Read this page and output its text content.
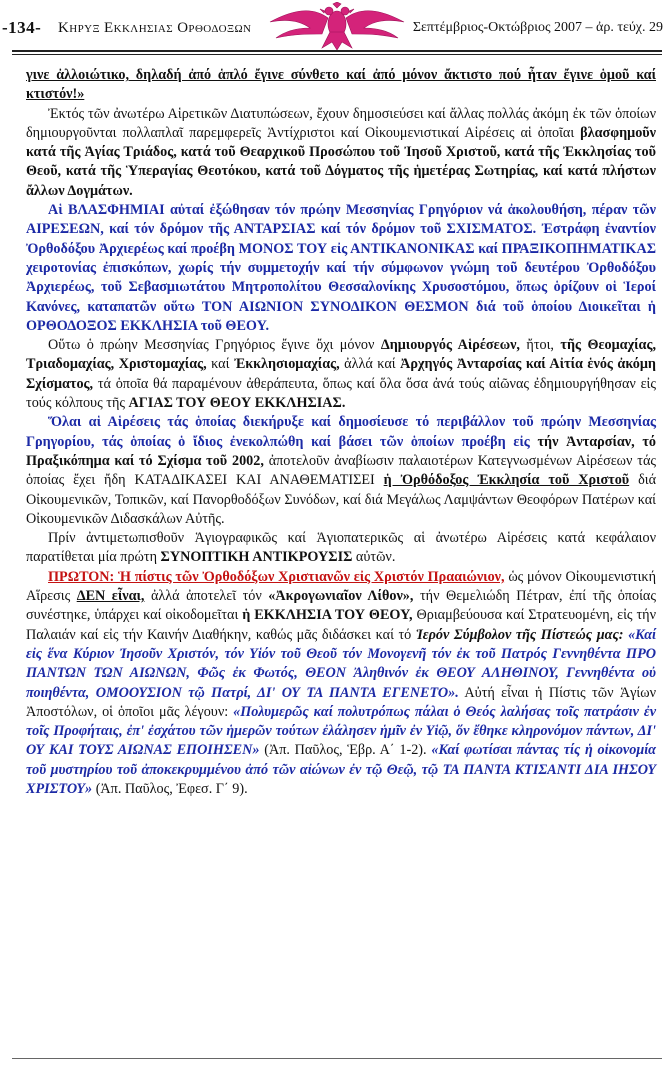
-134- Κηρυξ Εκκλησιας Ορθοδοξων	Σεπτέμβριος-Οκτώβριος 2007 – ἀρ. τεύχ. 29

γινε ἀλλοιώτικο, δηλαδή ἀπό ἁπλό ἔγινε σύνθετο καί ἀπό μόνον ἄκτιστο πού ἦταν ἔγινε ὁμοῦ καί κτιστόν!»

Ἐκτός τῶν ἀνωτέρω Αἱρετικῶν Διατυπώσεων, ἔχουν δημοσιεύσει καί ἄλλας πολλάς ἀκόμη ἐκ τῶν ὁποίων δημιουργοῦνται πολλαπλαῖ παρεμφερεῖς Ἀντίχριστοι καί Οἰκουμενιστικαί Αἱρέσεις αἱ ὁποῖαι βλασφημοῦν κατά τῆς Ἁγίας Τριάδος, κατά τοῦ Θεαρχικοῦ Προσώπου τοῦ Ἰησοῦ Χριστοῦ, κατά τῆς Ἐκκλησίας τοῦ Θεοῦ, κατά τῆς Ὑπεραγίας Θεοτόκου, κατά τοῦ Δόγματος τῆς ἡμετέρας Σωτηρίας, καί κατά πλήστων ἄλλων Δογμάτων.

Αἱ ΒΛΑΣΦΗΜΙΑΙ αὐταί ἐξώθησαν τόν πρώην Μεσσηνίας Γρηγόριον νά ἀκολουθήση, πέραν τῶν ΑΙΡΕΣΕΩΝ, καί τόν δρόμον τῆς ΑΝΤΑΡΣΙΑΣ καί τόν δρόμον τοῦ ΣΧΙΣΜΑΤΟΣ. Ἐστράφη ἐναντίον Ὀρθοδόξου Ἀρχιερέως καί προέβη ΜΟΝΟΣ ΤΟΥ εἰς ΑΝΤΙΚΑΝΟΝΙΚΑΣ καί ΠΡΑΞΙΚΟΠΗΜΑΤΙΚΑΣ χειροτονίας ἐπισκόπων, χωρίς τήν συμμετοχήν καί τήν σύμφωνον γνώμη τοῦ δευτέρου Ὀρθοδόξου Ἀρχιερέως, τοῦ Σεβασμιωτάτου Μητροπολίτου Θεσσαλονίκης Χρυσοστόμου, ὅπως ὁρίζουν οἱ Ἱεροί Κανόνες, καταπατῶν οὕτω ΤΟΝ ΑΙΩΝΙΟΝ ΣΥΝΟΔΙΚΟΝ ΘΕΣΜΟΝ διά τοῦ ὁποίου Διοικεῖται ἡ ΟΡΘΟΔΟΞΟΣ ΕΚΚΛΗΣΙΑ τοῦ ΘΕΟΥ.

Οὕτω ὁ πρώην Μεσσηνίας Γρηγόριος ἔγινε ὄχι μόνον Δημιουργός Αἱρέσεων, ἤτοι, τῆς Θεομαχίας, Τριαδομαχίας, Χριστομαχίας, καί Ἐκκλησιομαχίας, ἀλλά καί Ἀρχηγός Ἀνταρσίας καί Αἰτία ἑνός ἀκόμη Σχίσματος, τά ὁποῖα θά παραμένουν ἀθεράπευτα, ὅπως καί ὅλα ὅσα ἀνά τούς αἰῶνας ἐδημιουργήθησαν εἰς τούς κόλπους τῆς ΑΓΙΑΣ ΤΟΥ ΘΕΟΥ ΕΚΚΛΗΣΙΑΣ.

Ὅλαι αἱ Αἱρέσεις τάς ὁποίας διεκήρυξε καί δημοσίευσε τό περιβάλλον τοῦ πρώην Μεσσηνίας Γρηγορίου, τάς ὁποίας ὁ ἴδιος ἐνεκολπώθη καί βάσει τῶν ὁποίων προέβη εἰς τήν Ἀνταρσίαν, τό Πραξικόπημα καί τό Σχίσμα τοῦ 2002, ἀποτελοῦν ἀναβίωσιν παλαιοτέρων Κατεγνωσμένων Αἱρέσεων τάς ὁποίας ἔχει ἤδη ΚΑΤΑΔΙΚΑΣΕΙ ΚΑΙ ΑΝΑΘΕΜΑΤΙΣΕΙ ἡ Ὀρθόδοξος Ἐκκλησία τοῦ Χριστοῦ διά Οἰκουμενικῶν, Τοπικῶν, καί Πανορθοδόξων Συνόδων, καί διά Μεγάλως Λαμψάντων Θεοφόρων Πατέρων καί Οἰκουμενικῶν Διδασκάλων Αὐτῆς.

Πρίν ἀντιμετωπισθοῦν Ἁγιογραφικῶς καί Ἁγιοπατερικῶς αἱ ἀνωτέρω Αἱρέσεις κατά κεφάλαιον παρατίθεται μία πρώτη ΣΥΝΟΠΤΙΚΗ ΑΝΤΙΚΡΟΥΣΙΣ αὐτῶν.

ΠΡΩΤΟΝ: Ἡ πίστις τῶν Ὀρθοδόξων Χριστιανῶν εἰς Χριστόν Πρααιώνιον, ὡς μόνον Οἰκουμενιστική Αἵρεσις ΔΕΝ εἶναι, ἀλλά ἀποτελεῖ τόν «Ἀκρογωνιαῖον Λίθον», τήν Θεμελιώδη Πέτραν, ἐπί τῆς ὁποίας συνέστηκε, ὑπάρχει καί οἰκοδομεῖται ἡ ΕΚΚΛΗΣΙΑ ΤΟΥ ΘΕΟΥ, Θριαμβεύουσα καί Στρατευομένη, εἰς τήν Παλαιάν καί εἰς τήν Καινήν Διαθήκην, καθώς μᾶς διδάσκει καί τό Ἱερόν Σύμβολον τῆς Πίστεώς μας: «Καί εἰς ἕνα Κύριον Ἰησοῦν Χριστόν, τόν Υἱόν τοῦ Θεοῦ τόν Μονογενῆ τόν ἐκ τοῦ Πατρός Γεννηθέντα ΠΡΟ ΠΑΝΤΩΝ ΤΩΝ ΑΙΩΝΩΝ, Φῶς ἐκ Φωτός, ΘΕΟΝ Ἀληθινόν ἐκ ΘΕΟΥ ΑΛΗΘΙΝΟΥ, Γεννηθέντα οὐ ποιηθέντα, ΟΜΟΟΥΣΙΟΝ τῷ Πατρί, ΔΙ' ΟΥ ΤΑ ΠΑΝΤΑ ΕΓΕΝΕΤΟ». Αὐτή εἶναι ἡ Πίστις τῶν Ἁγίων Ἀποστόλων, οἱ ὁποῖοι μᾶς λέγουν: «Πολυμερῶς καί πολυτρόπως πάλαι ὁ Θεός λαλήσας τοῖς πατράσιν ἐν τοῖς Προφήταις, ἐπ' ἐσχάτου τῶν ἡμερῶν τούτων ἐλάλησεν ἡμῖν ἐν Υἱῷ, ὅν ἔθηκε κληρονόμον πάντων, ΔΙ' ΟΥ ΚΑΙ ΤΟΥΣ ΑΙΩΝΑΣ ΕΠΟΙΗΣΕΝ» (Ἀπ. Παῦλος, Ἑβρ. Α΄ 1-2). «Καί φωτίσαι πάντας τίς ἡ οἰκονομία τοῦ μυστηρίου τοῦ ἀποκεκρυμμένου ἀπό τῶν αἰώνων ἐν τῷ Θεῷ, τῷ ΤΑ ΠΑΝΤΑ ΚΤΙΣΑΝΤΙ ΔΙΑ ΙΗΣΟΥ ΧΡΙΣΤΟΥ» (Ἀπ. Παῦλος, Ἐφεσ. Γ΄ 9).
